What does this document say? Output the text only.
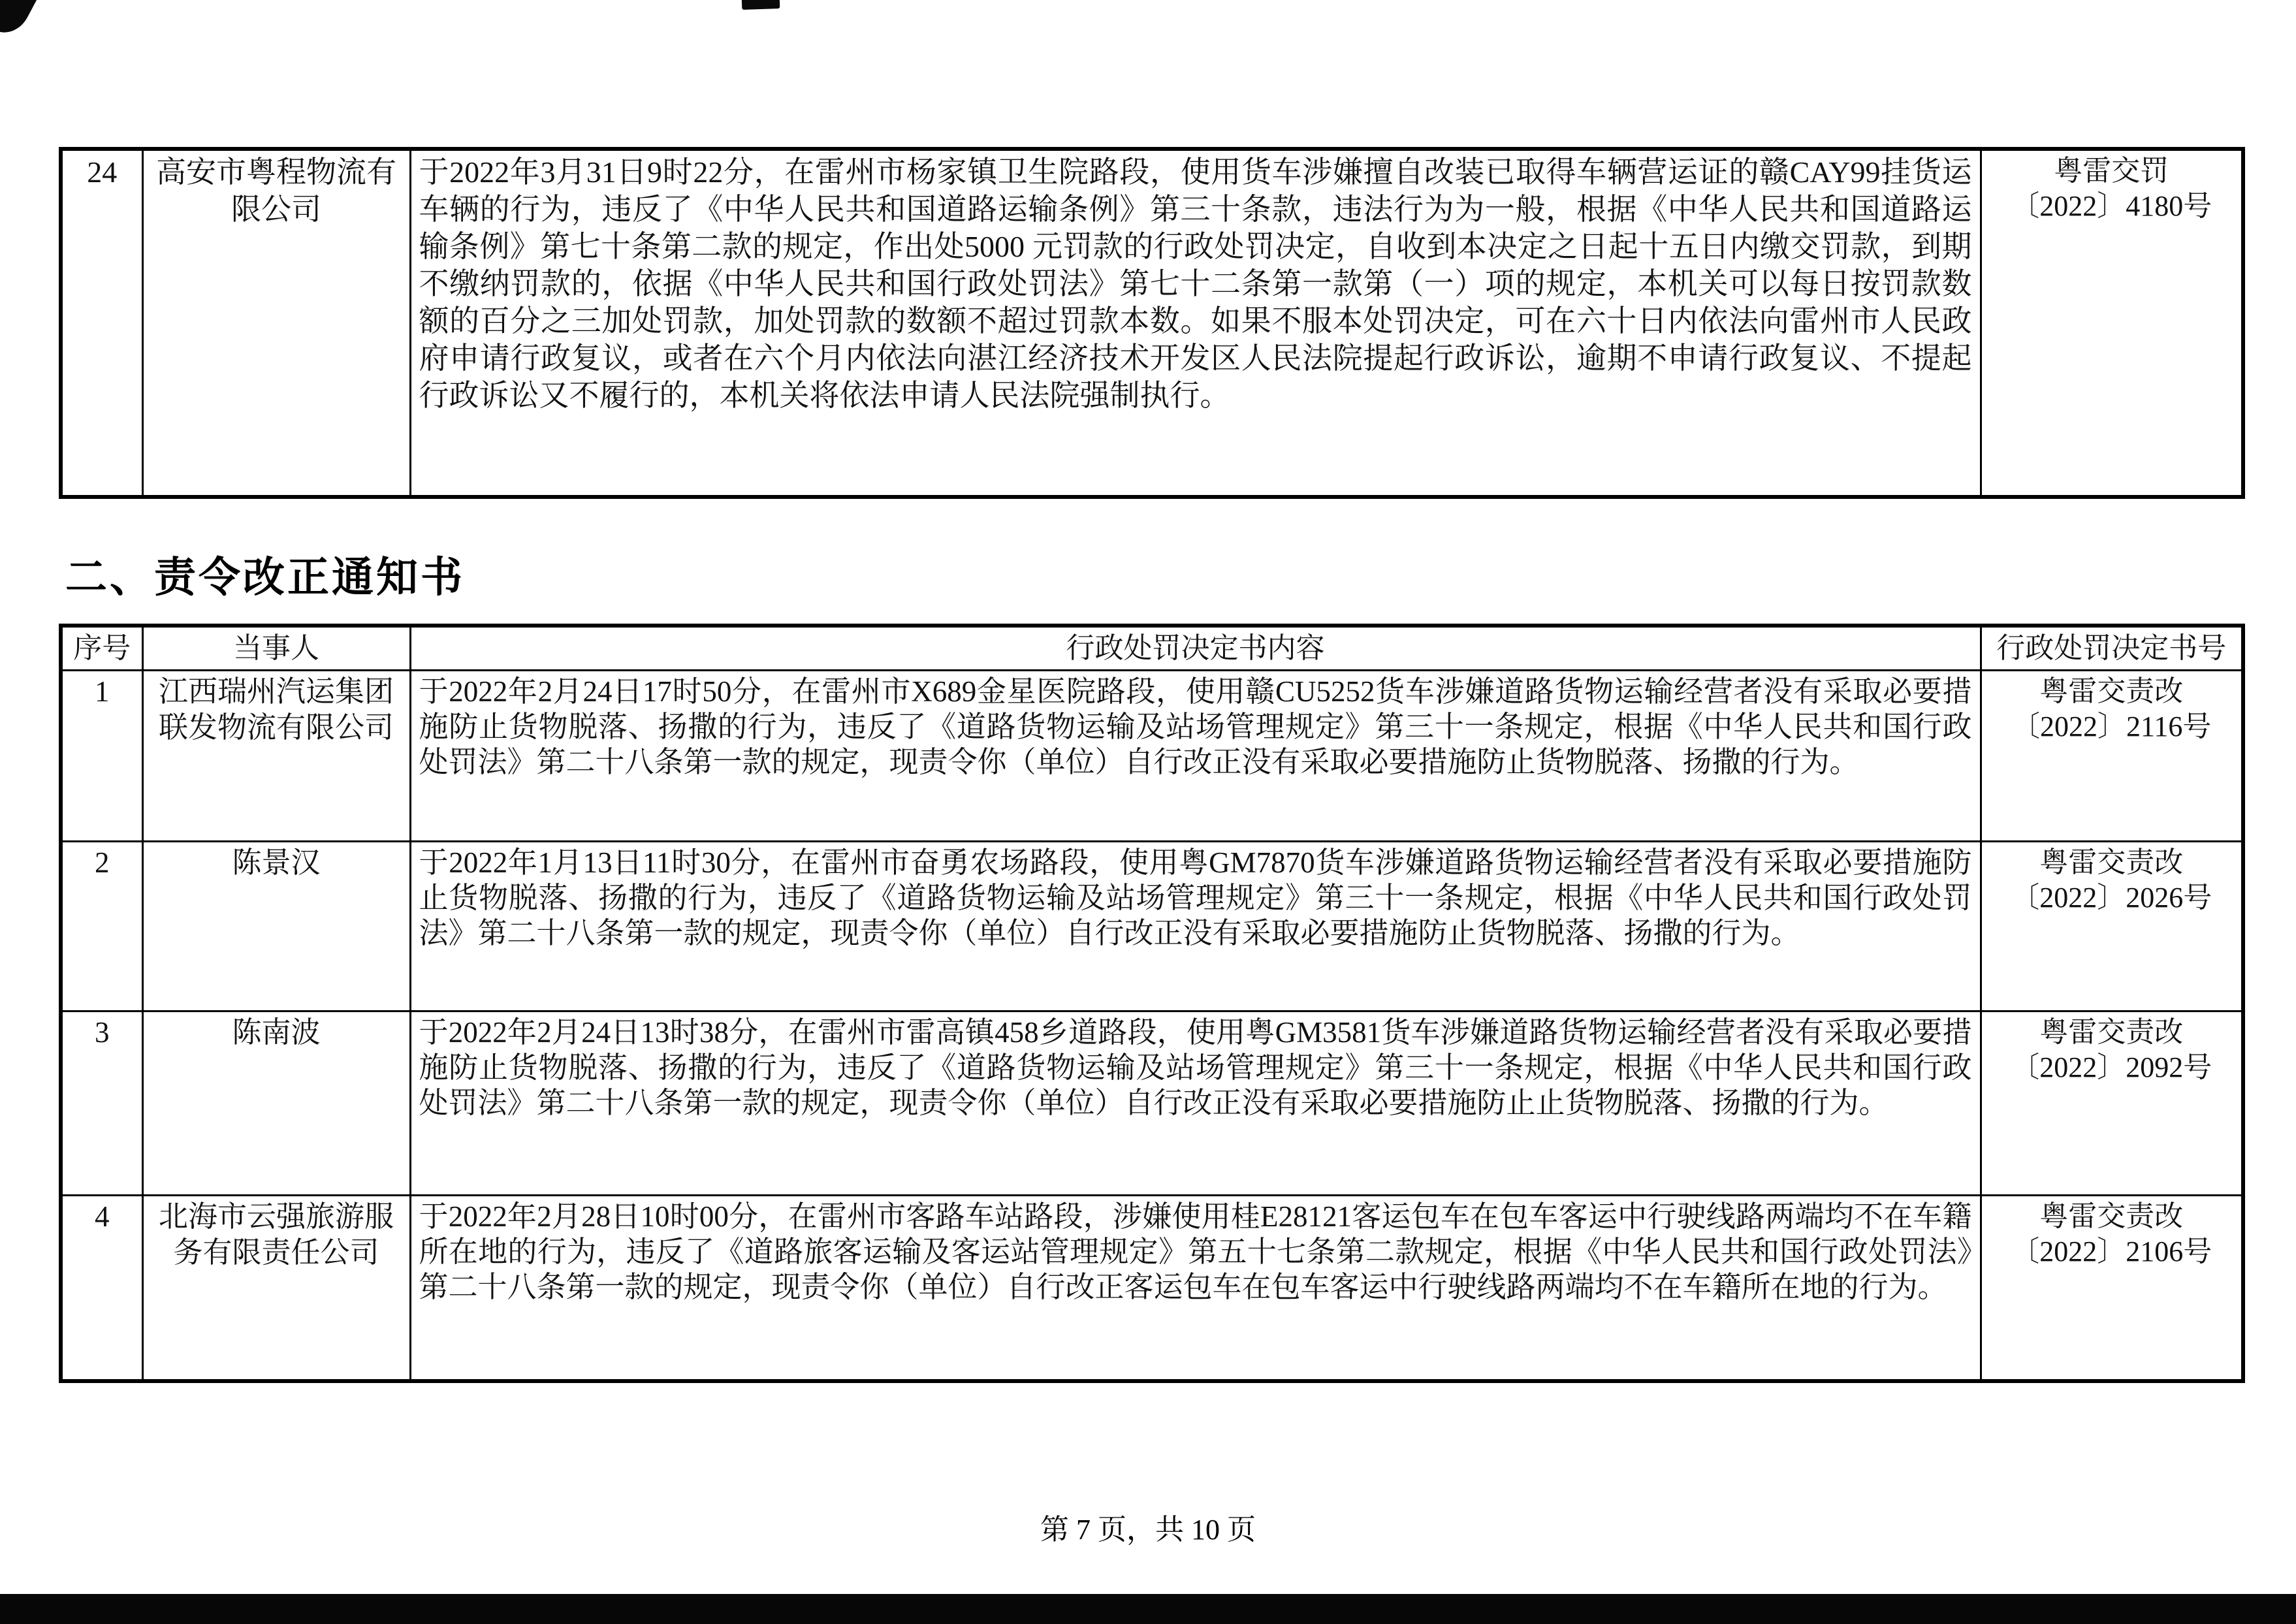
24	高安市粤程物流有限公司	于2022年3月31日9时22分，在雷州市杨家镇卫生院路段，使用货车涉嫌擅自改装已取得车辆营运证的赣CAY99挂货运车辆的行为，违反了《中华人民共和国道路运输条例》第三十条款，违法行为为一般，根据《中华人民共和国道路运输条例》第七十条第二款的规定，作出处5000 元罚款的行政处罚决定，自收到本决定之日起十五日内缴交罚款，到期不缴纳罚款的，依据《中华人民共和国行政处罚法》第七十二条第一款第（一）项的规定，本机关可以每日按罚款数额的百分之三加处罚款，加处罚款的数额不超过罚款本数。如果不服本处罚决定，可在六十日内依法向雷州市人民政府申请行政复议，或者在六个月内依法向湛江经济技术开发区人民法院提起行政诉讼，逾期不申请行政复议、不提起行政诉讼又不履行的，本机关将依法申请人民法院强制执行。	
粤雷交罚
〔2022〕4180号
二、责令改正通知书
序号	当事人	行政处罚决定书内容	行政处罚决定书号
1	江西瑞州汽运集团联发物流有限公司	于2022年2月24日17时50分，在雷州市X689金星医院路段，使用赣CU5252货车涉嫌道路货物运输经营者没有采取必要措施防止货物脱落、扬撒的行为，违反了《道路货物运输及站场管理规定》第三十一条规定，根据《中华人民共和国行政处罚法》第二十八条第一款的规定，现责令你（单位）自行改正没有采取必要措施防止货物脱落、扬撒的行为。	粤雷交责改
〔2022〕2116号

2	陈景汉	于2022年1月13日11时30分，在雷州市奋勇农场路段，使用粤GM7870货车涉嫌道路货物运输经营者没有采取必要措施防止货物脱落、扬撒的行为，违反了《道路货物运输及站场管理规定》第三十一条规定，根据《中华人民共和国行政处罚法》第二十八条第一款的规定，现责令你（单位）自行改正没有采取必要措施防止货物脱落、扬撒的行为。	粤雷交责改
〔2022〕2026号

3	陈南波	于2022年2月24日13时38分，在雷州市雷高镇458乡道路段，使用粤GM3581货车涉嫌道路货物运输经营者没有采取必要措施防止货物脱落、扬撒的行为，违反了《道路货物运输及站场管理规定》第三十一条规定，根据《中华人民共和国行政处罚法》第二十八条第一款的规定，现责令你（单位）自行改正没有采取必要措施防止止货物脱落、扬撒的行为。	粤雷交责改
〔2022〕2092号

4	北海市云强旅游服务有限责任公司	于2022年2月28日10时00分，在雷州市客路车站路段，涉嫌使用桂E28121客运包车在包车客运中行驶线路两端均不在车籍所在地的行为，违反了《道路旅客运输及客运站管理规定》第五十七条第二款规定，根据《中华人民共和国行政处罚法》第二十八条第一款的规定，现责令你（单位）自行改正客运包车在包车客运中行驶线路两端均不在车籍所在地的行为。	粤雷交责改
〔2022〕2106号
第 7 页，共 10 页
